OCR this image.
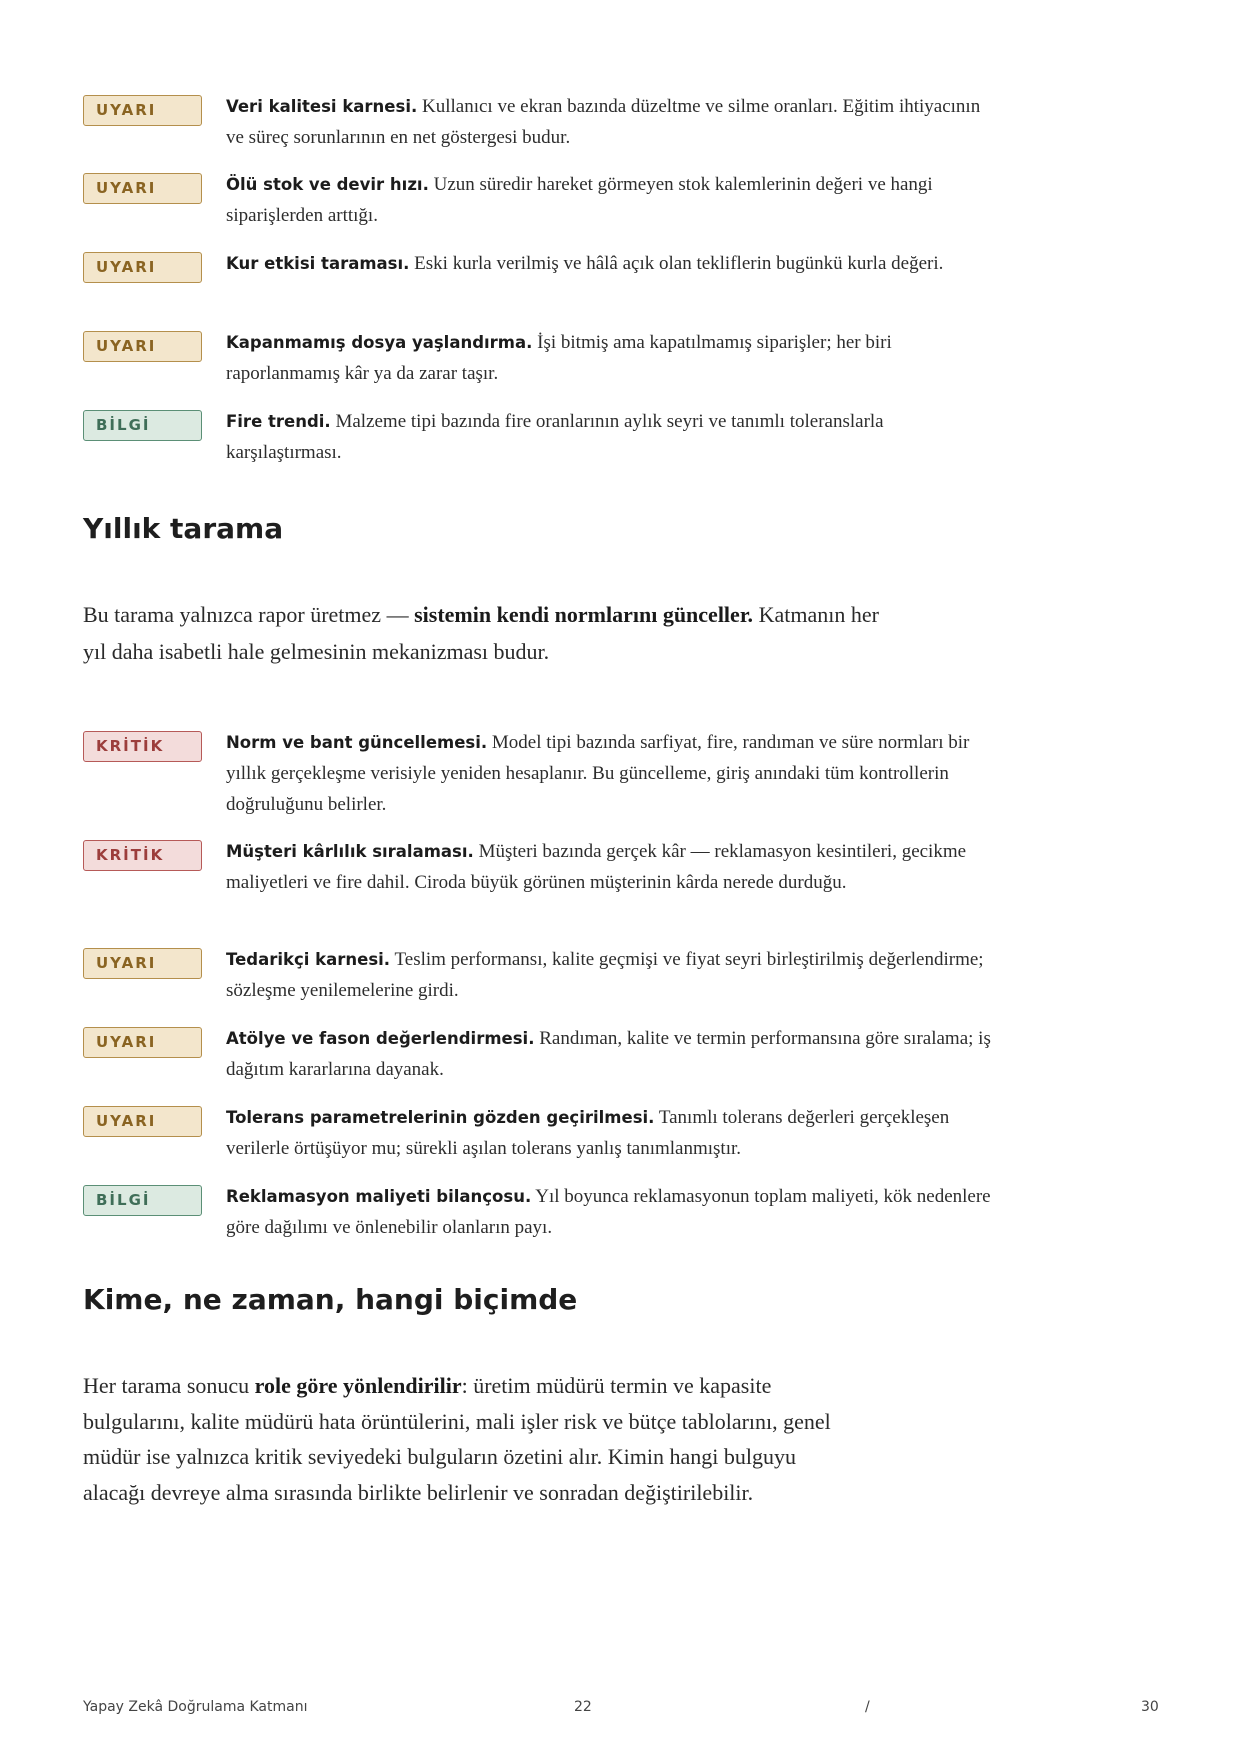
UYARI	Veri kalitesi karnesi. Kullanıcı ve ekran bazında düzeltme ve silme oranları. Eğitim ihtiyacının ve süreç sorunlarının en net göstergesi budur.
UYARI	Ölü stok ve devir hızı. Uzun süredir hareket görmeyen stok kalemlerinin değeri ve hangi siparişlerden arttığı.
UYARI	Kur etkisi taraması. Eski kurla verilmiş ve hâlâ açık olan tekliflerin bugünkü kurla değeri.
UYARI	Kapanmamış dosya yaşlandırma. İşi bitmiş ama kapatılmamış siparişler; her biri raporlanmamış kâr ya da zarar taşır.
BİLGİ	Fire trendi. Malzeme tipi bazında fire oranlarının aylık seyri ve tanımlı toleranslarla karşılaştırması.
Yıllık tarama

Bu tarama yalnızca rapor üretmez — sistemin kendi normlarını günceller. Katmanın her yıl daha isabetli hale gelmesinin mekanizması budur.

KRİTİK	Norm ve bant güncellemesi. Model tipi bazında sarfiyat, fire, randıman ve süre normları bir yıllık gerçekleşme verisiyle yeniden hesaplanır. Bu güncelleme, giriş anındaki tüm kontrollerin doğruluğunu belirler.
KRİTİK	Müşteri kârlılık sıralaması. Müşteri bazında gerçek kâr — reklamasyon kesintileri, gecikme maliyetleri ve fire dahil. Cirodа büyük görünen müşterinin kârda nerede durduğu.
UYARI	Tedarikçi karnesi. Teslim performansı, kalite geçmişi ve fiyat seyri birleştirilmiş değerlendirme; sözleşme yenilemelerine girdi.
UYARI	Atölye ve fason değerlendirmesi. Randıman, kalite ve termin performansına göre sıralama; iş dağıtım kararlarına dayanak.
UYARI	Tolerans parametrelerinin gözden geçirilmesi. Tanımlı tolerans değerleri gerçekleşen verilerle örtüşüyor mu; sürekli aşılan tolerans yanlış tanımlanmıştır.
BİLGİ	Reklamasyon maliyeti bilançosu. Yıl boyunca reklamasyonun toplam maliyeti, kök nedenlere göre dağılımı ve önlenebilir olanların payı.
Kime, ne zaman, hangi biçimde

Her tarama sonucu role göre yönlendirilir: üretim müdürü termin ve kapasite bulgularını, kalite müdürü hata örüntülerini, mali işler risk ve bütçe tablolarını, genel müdür ise yalnızca kritik seviyedeki bulguların özetini alır. Kimin hangi bulguyu alacağı devreye alma sırasında birlikte belirlenir ve sonradan değiştirilebilir.

Yapay Zekâ Doğrulama Katmanı	22	/	30
